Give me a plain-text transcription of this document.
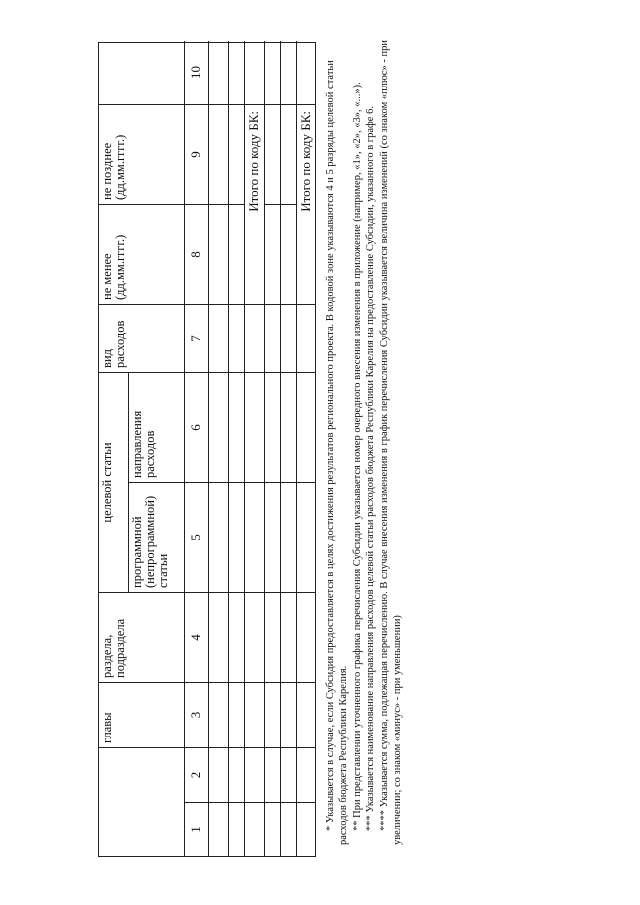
главы
раздела, подраздела
целевой статьи
вид расходов
не менее (дд.мм.гггг.)
не позднее (дд.мм.гггг.)
программной (непрограммной) статьи
направления расходов
1
2
3
4
5
6
7
8
9
10
Итого по коду БК:	Итого по коду БК: * Указывается в случае, если Субсидия предоставляется в целях достижения результатов регионального проекта. В кодовой зоне указываются 4 и 5 разряды целевой статьи расходов бюджета Республики Карелия. ** При представлении уточненного графика перечисления Субсидии указывается номер очередного внесения изменения в приложение (например, «1», «2», «3», «...»). *** Указывается наименование направления расходов целевой статьи расходов бюджета Республики Карелия на предоставление Субсидии, указанного в графе 6. **** Указывается сумма, подлежащая перечислению. В случае внесения изменения в график перечисления Субсидии указывается величина изменений (со знаком «плюс» - при увеличении; со знаком «минус» - при уменьшении)
